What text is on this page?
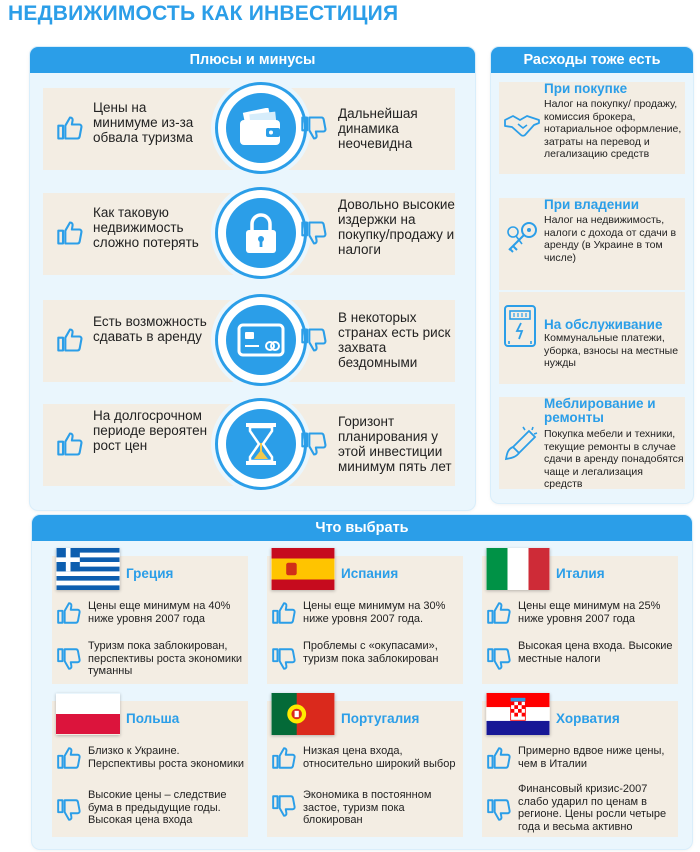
НЕДВИЖИМОСТЬ КАК ИНВЕСТИЦИЯ
Плюсы и минусы
Цены на минимуме из-за обвала туризма
Дальнейшая динамика неочевидна
Как таковую недвижимость сложно потерять
Довольно высокие издержки на покупку/продажу и налоги
Есть возможность сдавать в аренду
В некоторых странах есть риск захвата бездомными
На долгосрочном периоде вероятен рост цен
Горизонт планирования у этой инвестиции минимум пять лет
Расходы тоже есть
При покупке
Налог на покупку/ продажу, комиссия брокера, нотариальное оформление, затраты на перевод и легализацию средств
При владении
Налог на недвижимость, налоги с дохода от сдачи в аренду (в Украине в том числе)
На обслуживание
Коммунальные платежи, уборка, взносы на местные нужды
Меблирование и ремонты
Покупка мебели и техники, текущие ремонты в случае сдачи в аренду понадобятся чаще и легализация средств
Что выбрать
Греция
Цены еще минимум на 40% ниже уровня 2007 года
Туризм пока заблокирован, перспективы роста экономики туманны
Испания
Цены еще минимум на 30% ниже уровня 2007 года.
Проблемы с «окупасами», туризм пока заблокирован
Италия
Цены еще минимум на 25% ниже уровня 2007 года
Высокая цена входа. Высокие местные налоги
Польша
Близко к Украине. Перспективы роста экономики
Высокие цены – следствие бума в предыдущие годы. Высокая цена входа
Португалия
Низкая цена входа, относительно широкий выбор
Экономика в постоянном застое, туризм пока блокирован
Хорватия
Примерно вдвое ниже цены, чем в Италии
Финансовый кризис-2007 слабо ударил по ценам в регионе. Цены росли четыре года и весьма активно
